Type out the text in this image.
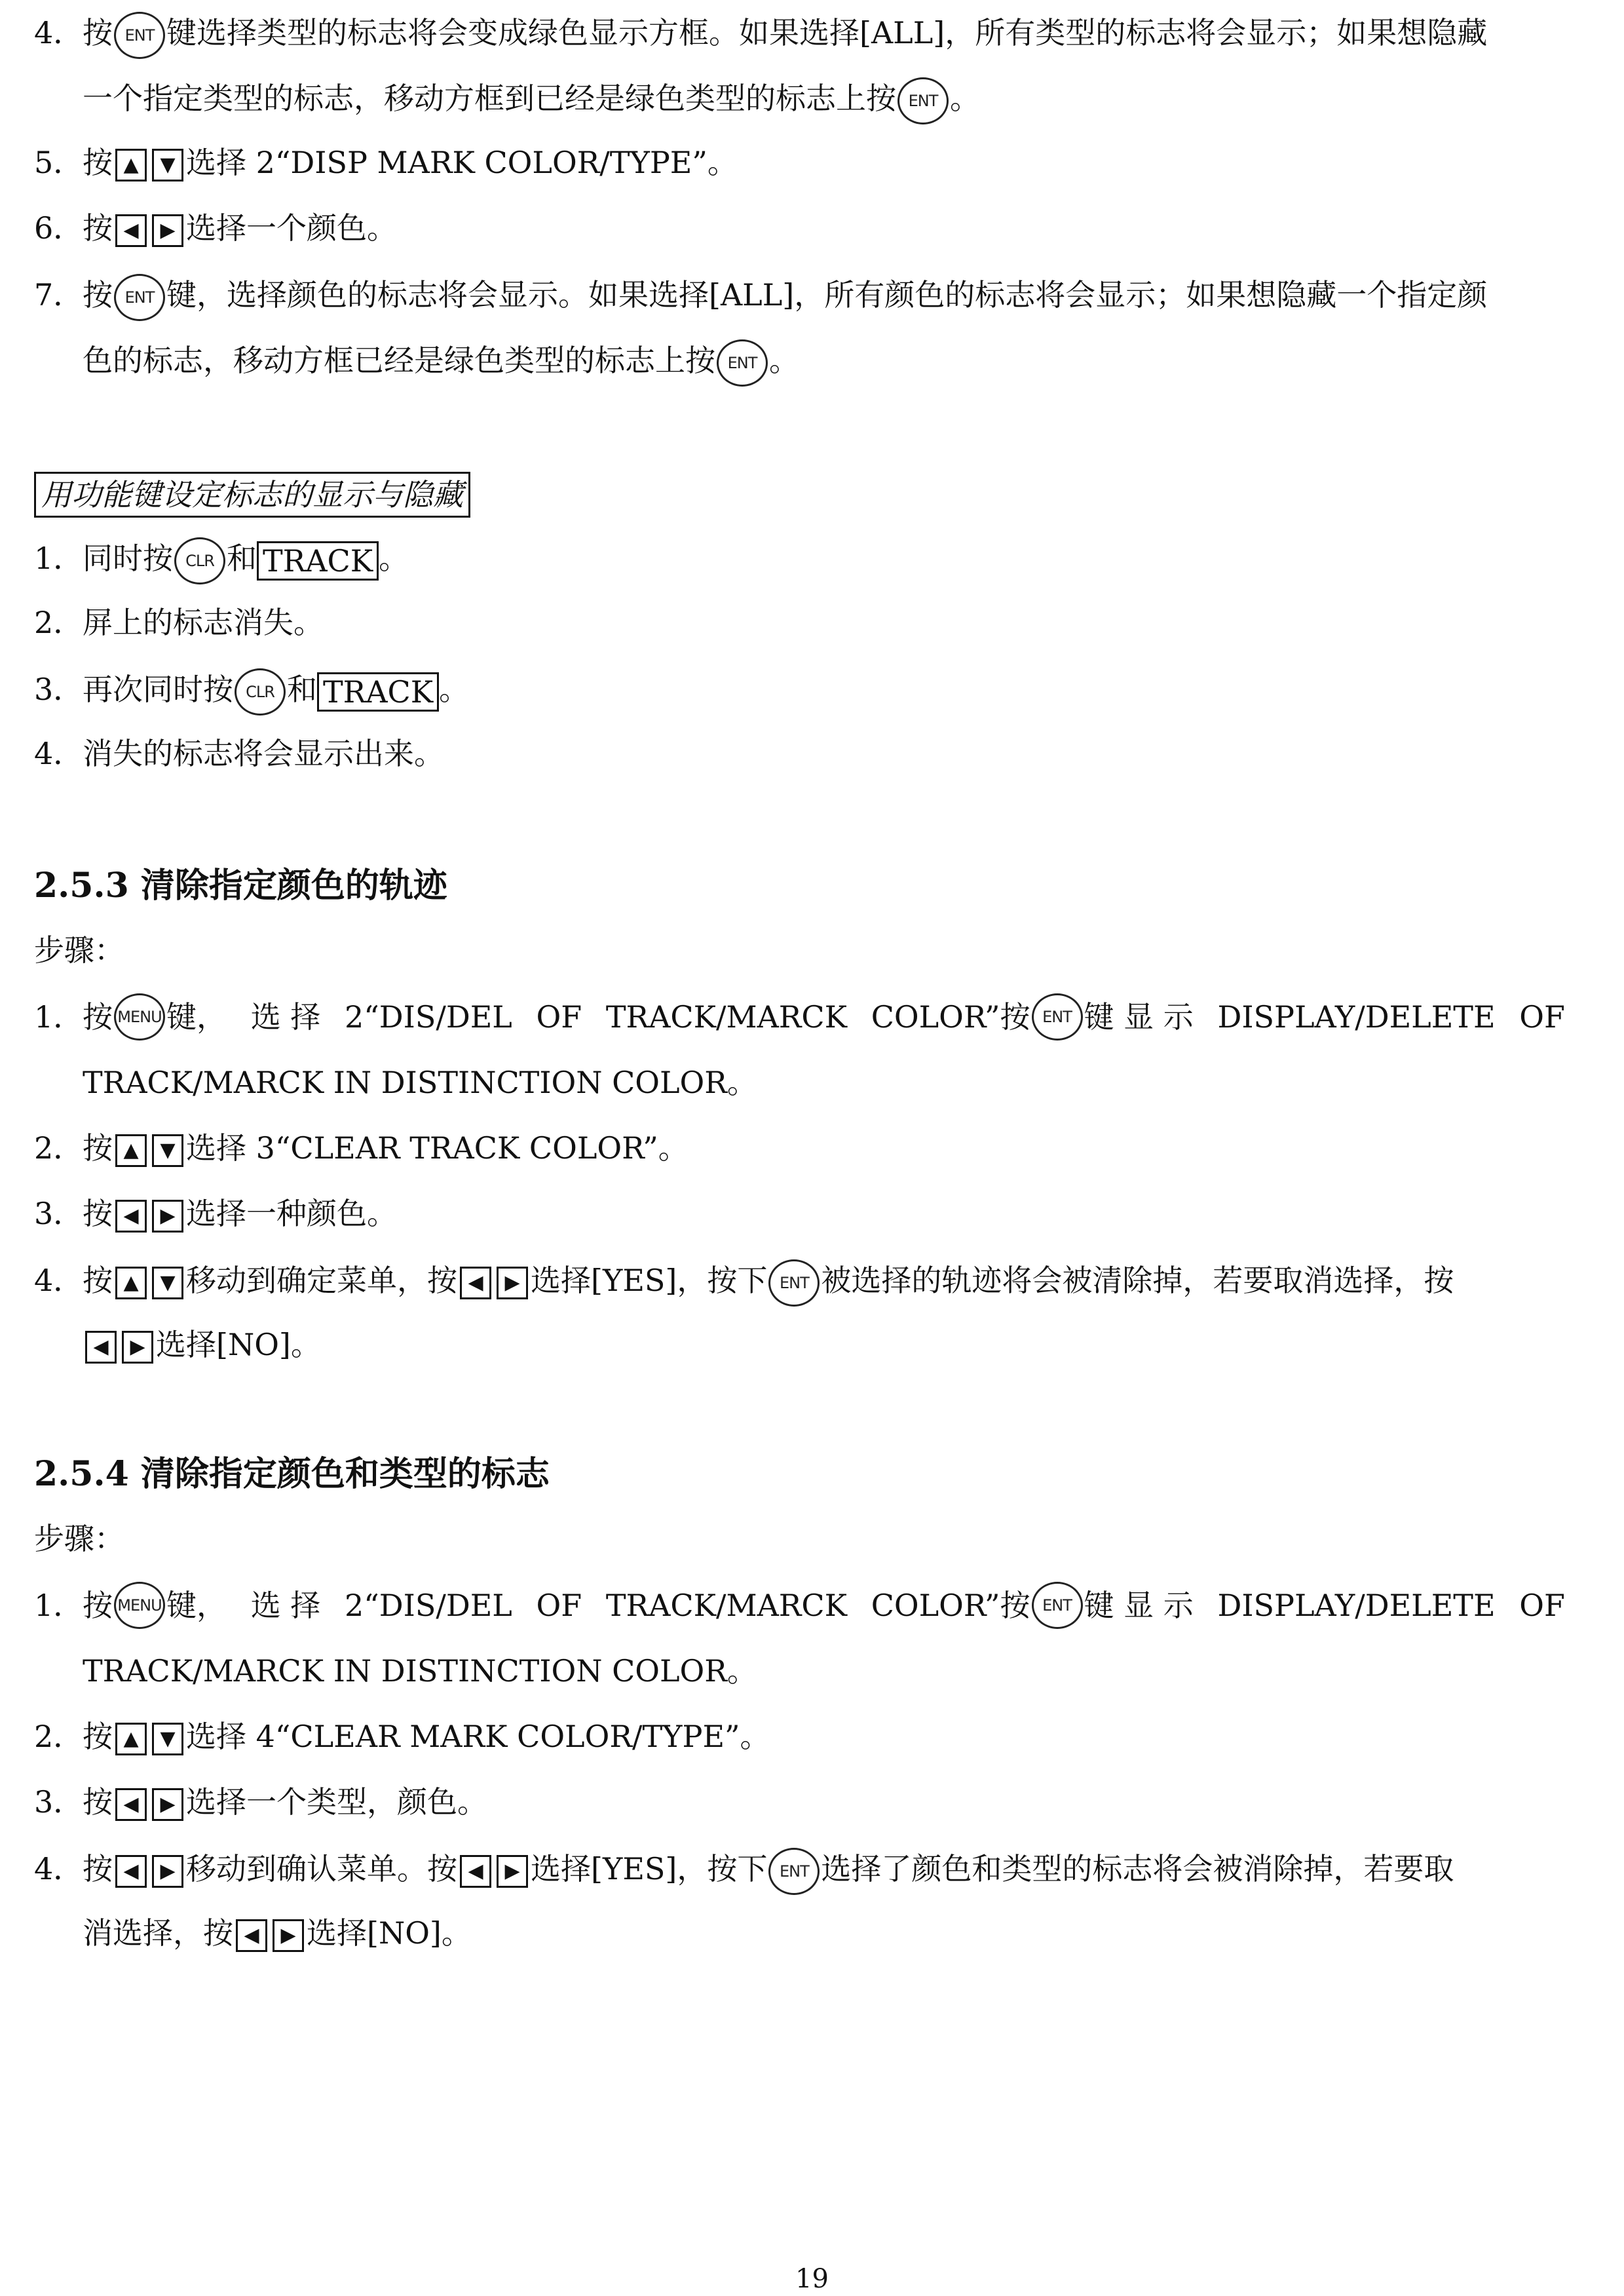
4．按 ENT 键选择类型的标志将会变成绿色显示方框。如果选择[ALL]，所有类型的标志将会显示；如果想隐藏
一个指定类型的标志，移动方框到已经是绿色类型的标志上按 ENT 。
5．按 ▲ ▼ 选择 2“DISP MARK COLOR/TYPE”。
6．按 ◀ ▶ 选择一个颜色。
7．按 ENT 键，选择颜色的标志将会显示。如果选择[ALL]，所有颜色的标志将会显示；如果想隐藏一个指定颜
色的标志，移动方框已经是绿色类型的标志上按 ENT 。
用功能键设定标志的显示与隐藏
1．同时按 CLR 和 TRACK 。
2．屏上的标志消失。
3．再次同时按 CLR 和 TRACK 。
4．消失的标志将会显示出来。
2.5.3 清除指定颜色的轨迹
步骤：
1．
按 MENU 键， 选 择 2“DIS/DEL OF TRACK/MARCK COLOR”按 ENT 键 显 示 DISPLAY/DELETE OF
TRACK/MARCK IN DISTINCTION COLOR。
2．按 ▲ ▼ 选择 3“CLEAR TRACK COLOR”。
3．按 ◀ ▶ 选择一种颜色。
4．按 ▲ ▼ 移动到确定菜单，按 ◀ ▶ 选择[YES]，按下 ENT 被选择的轨迹将会被清除掉，若要取消选择，按
◀ ▶ 选择[NO]。
2.5.4 清除指定颜色和类型的标志
步骤：
1．
按 MENU 键， 选 择 2“DIS/DEL OF TRACK/MARCK COLOR”按 ENT 键 显 示 DISPLAY/DELETE OF
TRACK/MARCK IN DISTINCTION COLOR。
2．按 ▲ ▼ 选择 4“CLEAR MARK COLOR/TYPE”。
3．按 ◀ ▶ 选择一个类型，颜色。
4．按 ◀ ▶ 移动到确认菜单。按 ◀ ▶ 选择[YES]，按下 ENT 选择了颜色和类型的标志将会被消除掉，若要取
消选择，按 ◀ ▶ 选择[NO]。
19
